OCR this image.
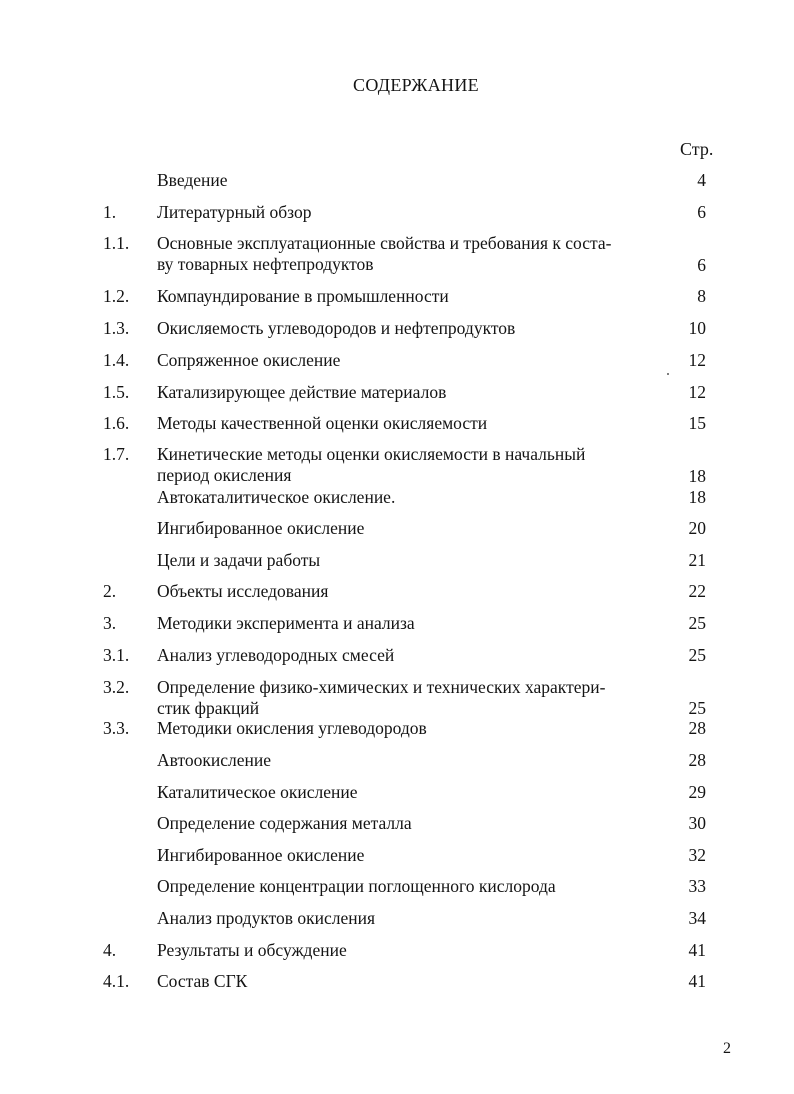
СОДЕРЖАНИЕ
Стр.
Введение	4
1. Литературный обзор	6
1.1. Основные эксплуатационные свойства и требования к соста-
ву товарных нефтепродуктов	6
1.2. Компаундирование в промышленности	8
1.3. Окисляемость углеводородов и нефтепродуктов	10
1.4. Сопряженное окисление	12
1.5. Катализирующее действие материалов	12
1.6. Методы качественной оценки окисляемости	15
1.7. Кинетические методы оценки окисляемости в начальный
период окисления	18
Автокаталитическое окисление.	18
Ингибированное окисление	20
Цели и задачи работы	21
2. Объекты исследования	22
3. Методики эксперимента и анализа	25
3.1. Анализ углеводородных смесей	25
3.2. Определение физико-химических и технических характери-
стик фракций	25
3.3. Методики окисления углеводородов	28
Автоокисление	28
Каталитическое окисление	29
Определение содержания металла	30
Ингибированное окисление	32
Определение концентрации поглощенного кислорода	33
Анализ продуктов окисления	34
4. Результаты и обсуждение	41
4.1. Состав СГК	41
2
